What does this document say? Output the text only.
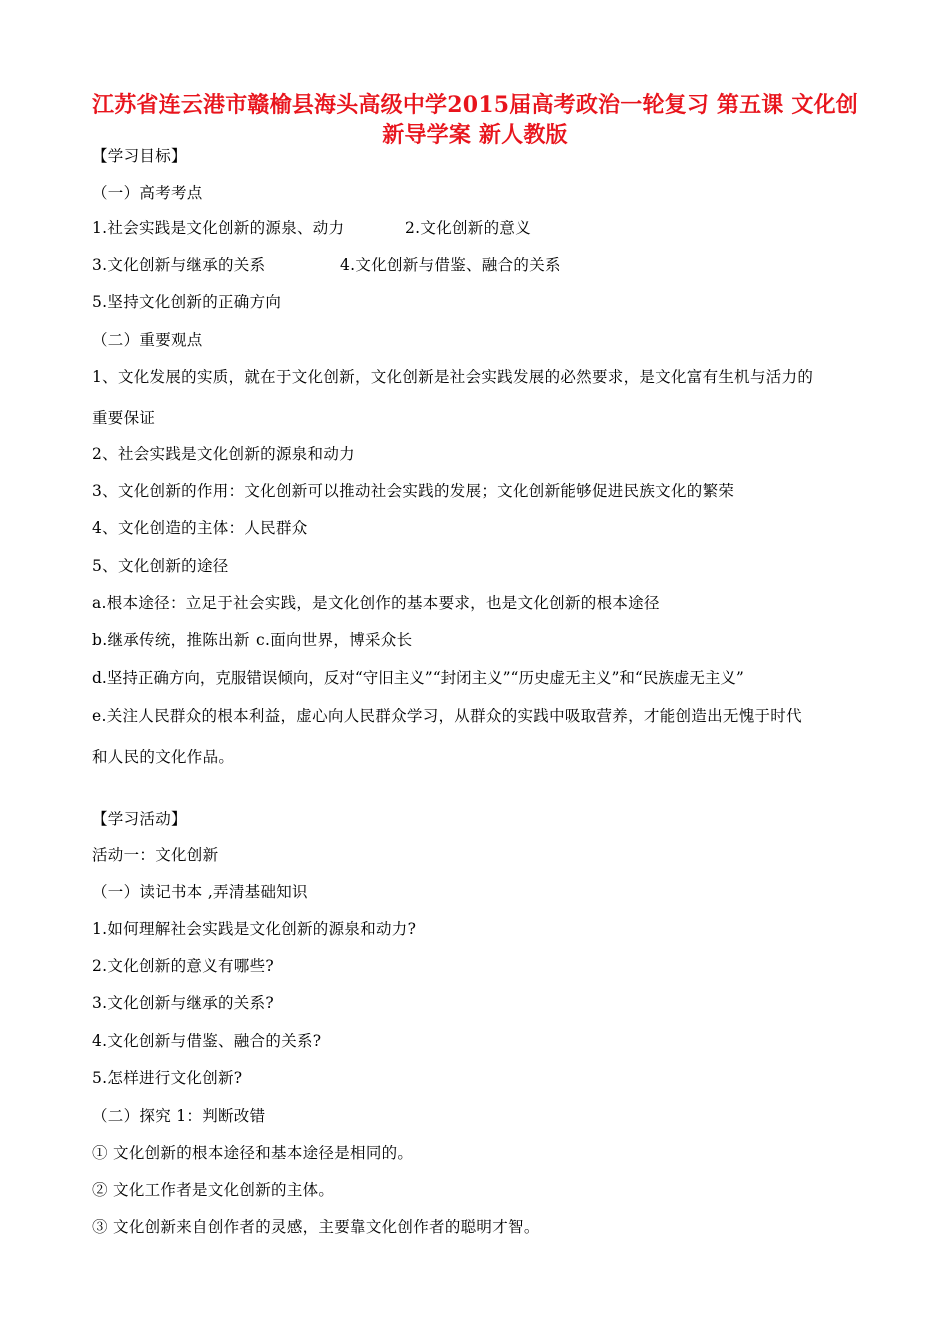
江苏省连云港市赣榆县海头高级中学2015届高考政治一轮复习 第五课 文化创新导学案 新人教版
【学习目标】
（一）高考考点
1.社会实践是文化创新的源泉、动力	2.文化创新的意义
3.文化创新与继承的关系	4.文化创新与借鉴、融合的关系
5.坚持文化创新的正确方向
（二）重要观点
1、文化发展的实质，就在于文化创新，文化创新是社会实践发展的必然要求，是文化富有生机与活力的
重要保证
2、社会实践是文化创新的源泉和动力
3、文化创新的作用：文化创新可以推动社会实践的发展；文化创新能够促进民族文化的繁荣
4、文化创造的主体：人民群众
5、文化创新的途径
a.根本途径：立足于社会实践，是文化创作的基本要求，也是文化创新的根本途径
b.继承传统，推陈出新 c.面向世界，博采众长
d.坚持正确方向，克服错误倾向，反对“守旧主义”“封闭主义”“历史虚无主义”和“民族虚无主义”
e.关注人民群众的根本利益，虚心向人民群众学习，从群众的实践中吸取营养，才能创造出无愧于时代
和人民的文化作品。
【学习活动】
活动一：文化创新
（一）读记书本 ,弄清基础知识
1.如何理解社会实践是文化创新的源泉和动力?
2.文化创新的意义有哪些?
3.文化创新与继承的关系?
4.文化创新与借鉴、融合的关系?
5.怎样进行文化创新?
（二）探究 1：判断改错
① 文化创新的根本途径和基本途径是相同的。
② 文化工作者是文化创新的主体。
③ 文化创新来自创作者的灵感，主要靠文化创作者的聪明才智。
